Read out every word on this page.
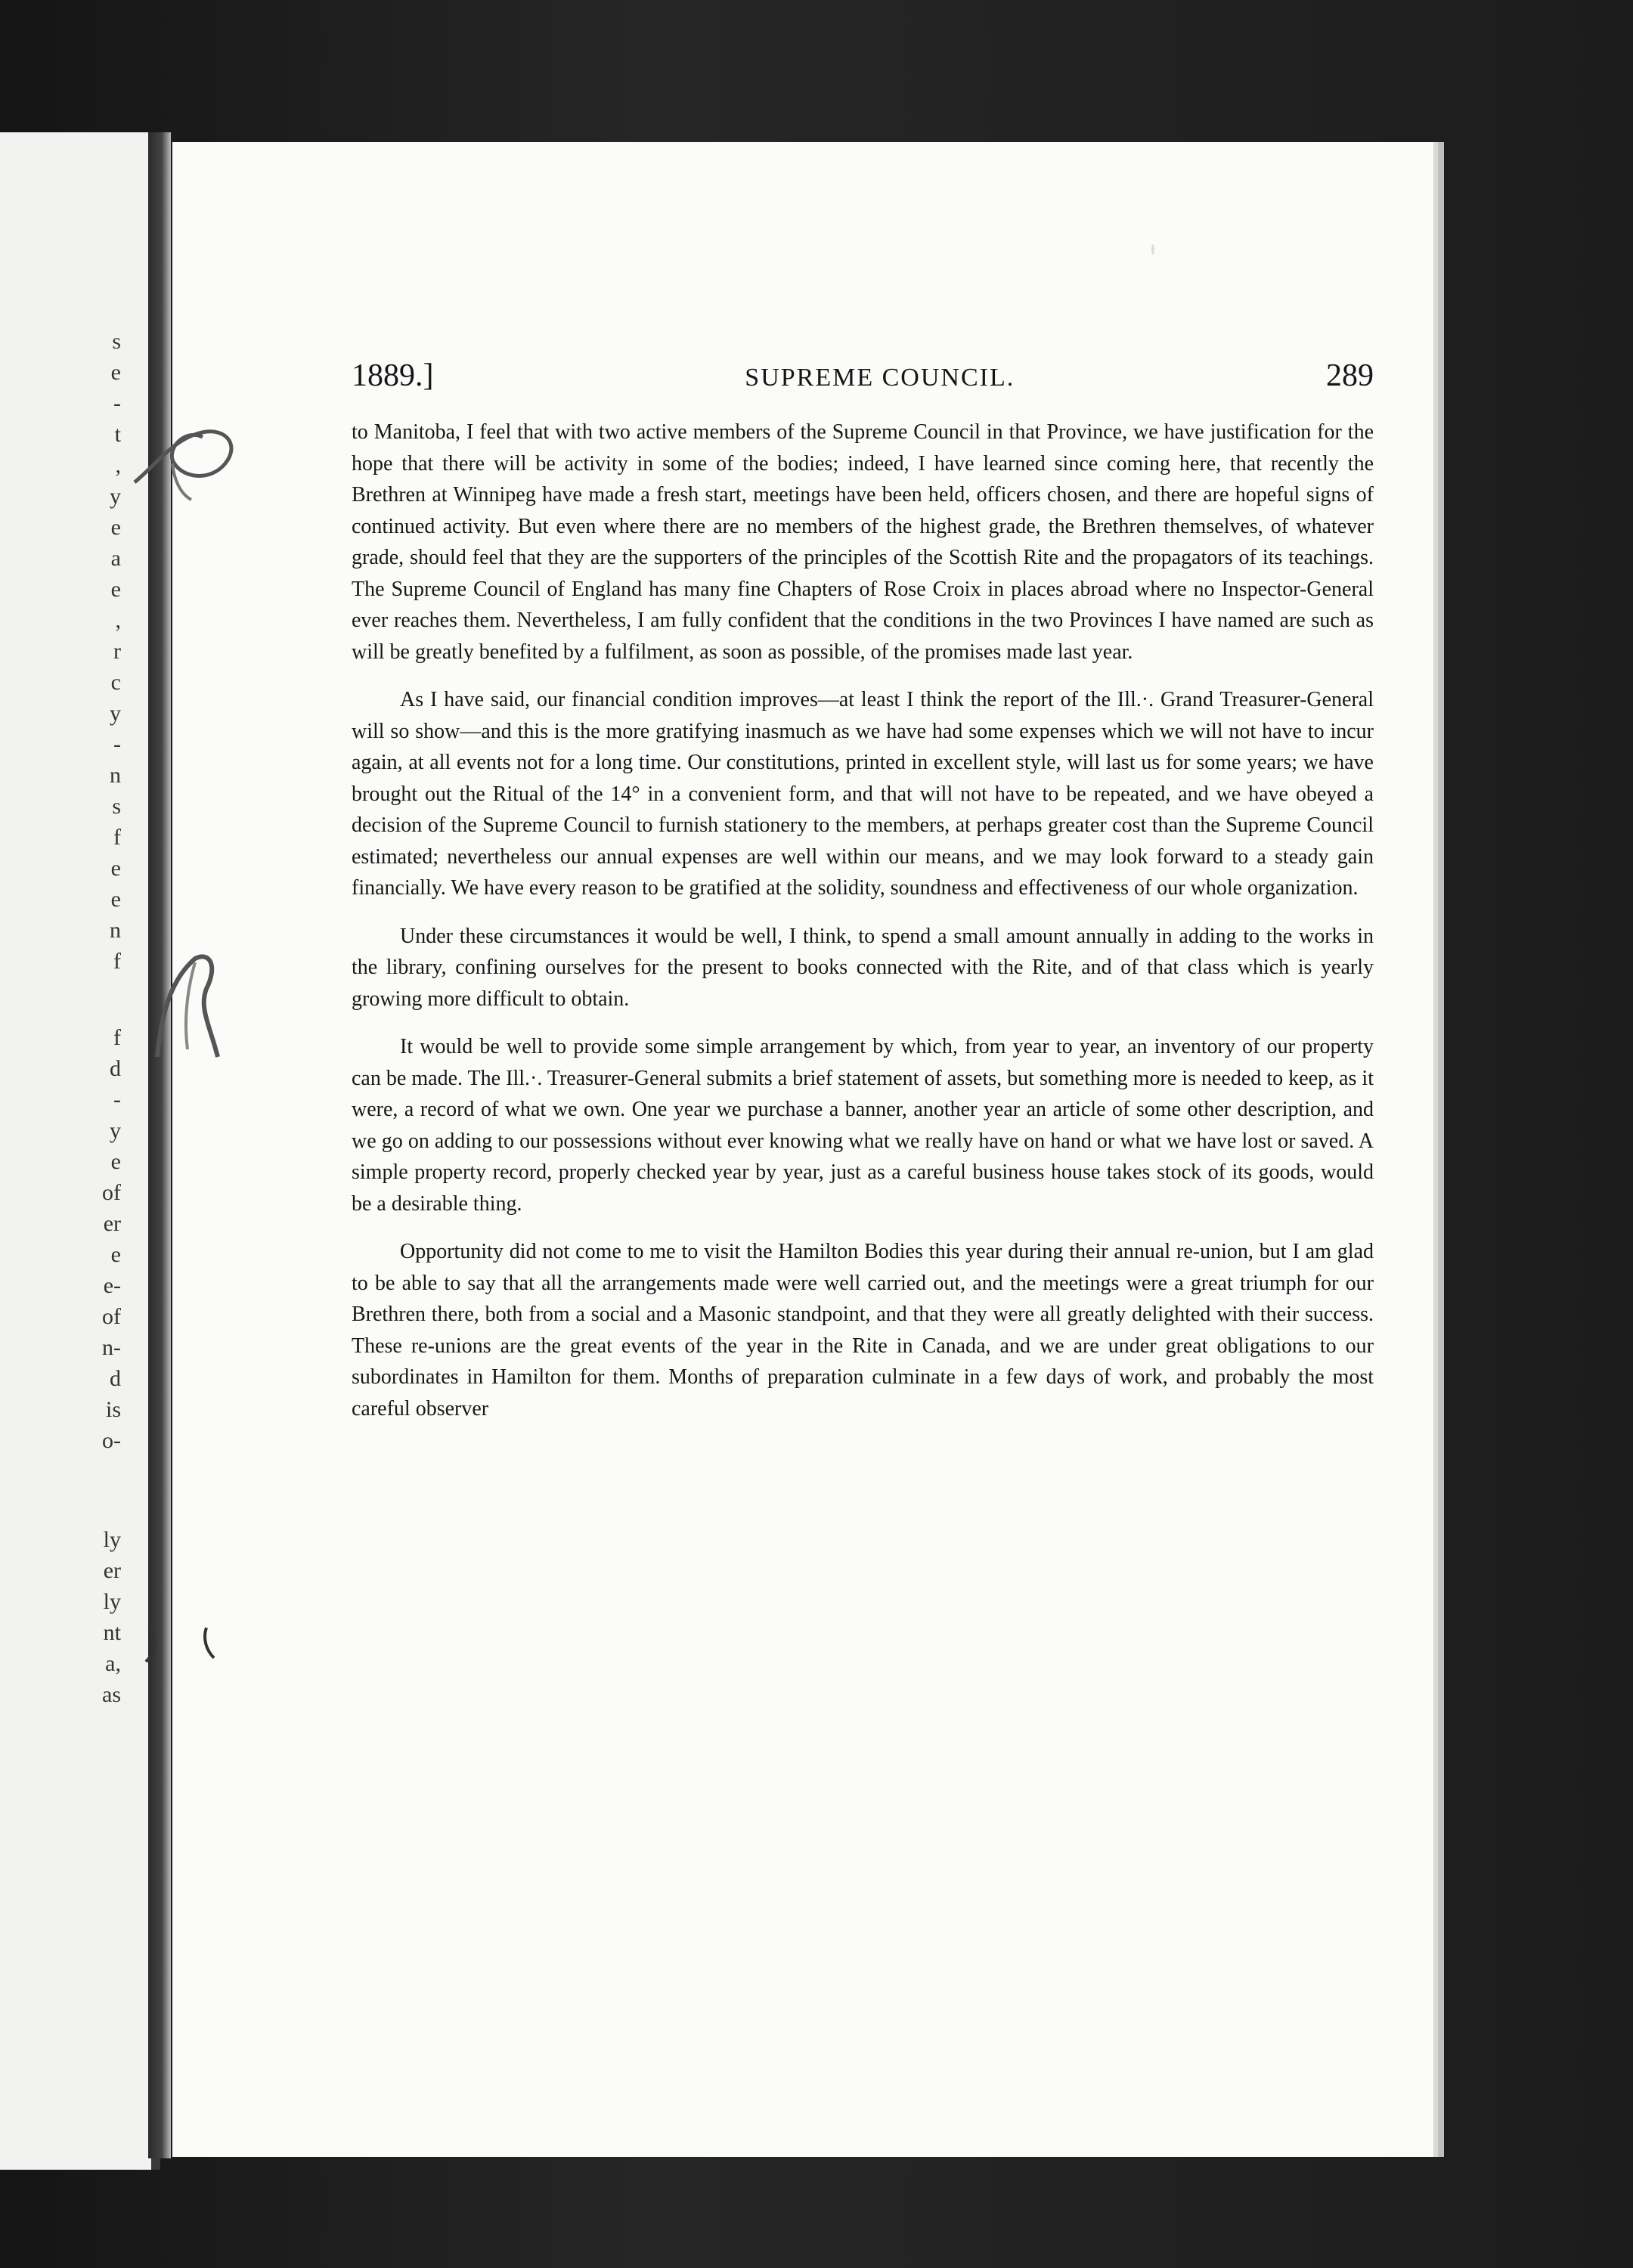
s
e
-
t
,
y
e
a
e
,
r
c
y
-
n
s
f
e
e
n
f
f
d
-
y
e
of
er
e
e-
of
n-
d
is
o-
ly
er
ly
nt
a,
as
1889.]	SUPREME COUNCIL.	289

to Manitoba, I feel that with two active members of the Supreme Council in that Province, we have justification for the hope that there will be activity in some of the bodies; indeed, I have learned since coming here, that recently the Brethren at Winnipeg have made a fresh start, meetings have been held, officers chosen, and there are hopeful signs of continued activity. But even where there are no members of the highest grade, the Brethren themselves, of whatever grade, should feel that they are the supporters of the principles of the Scottish Rite and the propagators of its teachings. The Supreme Council of England has many fine Chapters of Rose Croix in places abroad where no Inspector-General ever reaches them. Nevertheless, I am fully confident that the conditions in the two Provinces I have named are such as will be greatly benefited by a fulfilment, as soon as possible, of the promises made last year.

As I have said, our financial condition improves—at least I think the report of the Ill.·. Grand Treasurer-General will so show—and this is the more gratifying inasmuch as we have had some expenses which we will not have to incur again, at all events not for a long time. Our constitutions, printed in excellent style, will last us for some years; we have brought out the Ritual of the 14° in a convenient form, and that will not have to be repeated, and we have obeyed a decision of the Supreme Council to furnish stationery to the members, at perhaps greater cost than the Supreme Council estimated; nevertheless our annual expenses are well within our means, and we may look forward to a steady gain financially. We have every reason to be gratified at the solidity, soundness and effectiveness of our whole organization.

Under these circumstances it would be well, I think, to spend a small amount annually in adding to the works in the library, confining ourselves for the present to books connected with the Rite, and of that class which is yearly growing more difficult to obtain.

It would be well to provide some simple arrangement by which, from year to year, an inventory of our property can be made. The Ill.·. Treasurer-General submits a brief statement of assets, but something more is needed to keep, as it were, a record of what we own. One year we purchase a banner, another year an article of some other description, and we go on adding to our possessions without ever knowing what we really have on hand or what we have lost or saved. A simple property record, properly checked year by year, just as a careful business house takes stock of its goods, would be a desirable thing.

Opportunity did not come to me to visit the Hamilton Bodies this year during their annual re-union, but I am glad to be able to say that all the arrangements made were well carried out, and the meetings were a great triumph for our Brethren there, both from a social and a Masonic standpoint, and that they were all greatly delighted with their success. These re-unions are the great events of the year in the Rite in Canada, and we are under great obligations to our subordinates in Hamilton for them. Months of preparation culminate in a few days of work, and probably the most careful observer
